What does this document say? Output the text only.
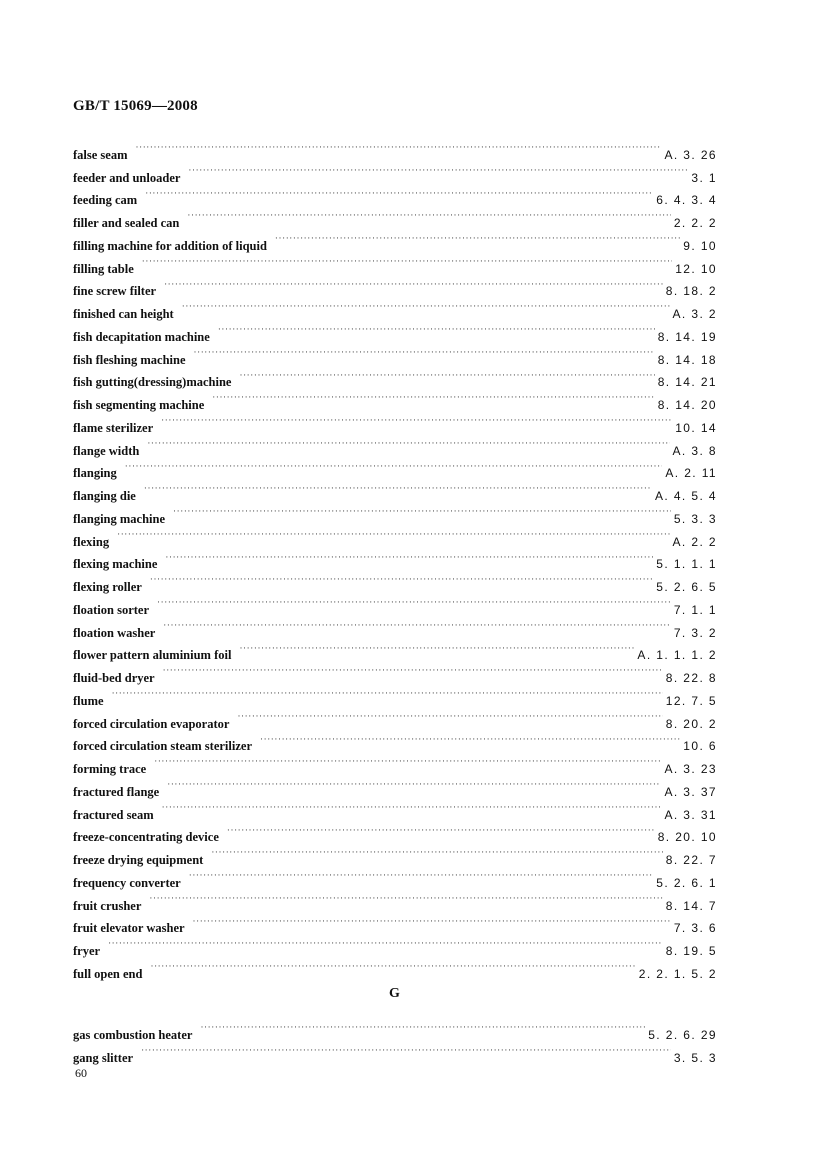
GB/T 15069—2008
false seam ·····	A. 3. 26
feeder and unloader ·····	3. 1
feeding cam ·····	6. 4. 3. 4
filler and sealed can ·····	2. 2. 2
filling machine for addition of liquid ·····	9. 10
filling table ·····	12. 10
fine screw filter ·····	8. 18. 2
finished can height ·····	A. 3. 2
fish decapitation machine ·····	8. 14. 19
fish fleshing machine ·····	8. 14. 18
fish gutting(dressing)machine ·····	8. 14. 21
fish segmenting machine ·····	8. 14. 20
flame sterilizer ·····	10. 14
flange width ·····	A. 3. 8
flanging ·····	A. 2. 11
flanging die ·····	A. 4. 5. 4
flanging machine ·····	5. 3. 3
flexing ·····	A. 2. 2
flexing machine ·····	5. 1. 1. 1
flexing roller ·····	5. 2. 6. 5
floation sorter ·····	7. 1. 1
floation washer ·····	7. 3. 2
flower pattern aluminium foil ·····	A. 1. 1. 1. 2
fluid-bed dryer ·····	8. 22. 8
flume ·····	12. 7. 5
forced circulation evaporator ·····	8. 20. 2
forced circulation steam sterilizer ·····	10. 6
forming trace ·····	A. 3. 23
fractured flange ·····	A. 3. 37
fractured seam ·····	A. 3. 31
freeze-concentrating device ·····	8. 20. 10
freeze drying equipment ·····	8. 22. 7
frequency converter ·····	5. 2. 6. 1
fruit crusher ·····	8. 14. 7
fruit elevator washer ·····	7. 3. 6
fryer ·····	8. 19. 5
full open end ·····	2. 2. 1. 5. 2
G
gas combustion heater ·····	5. 2. 6. 29
gang slitter ·····	3. 5. 3
60
